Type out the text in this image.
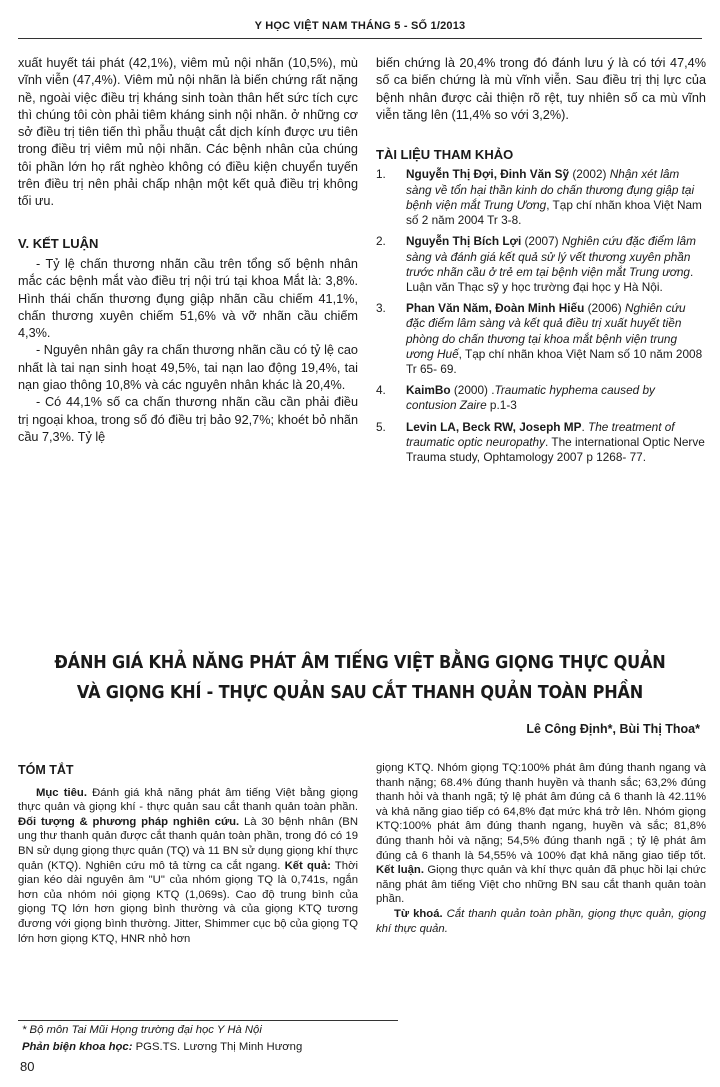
Y HỌC VIỆT NAM THÁNG 5 - SỐ 1/2013

xuất huyết tái phát (42,1%), viêm mủ nội nhãn (10,5%), mù vĩnh viễn (47,4%). Viêm mủ nội nhãn là biến chứng rất nặng nề, ngoài việc điều trị kháng sinh toàn thân hết sức tích cực thì chúng tôi còn phải tiêm kháng sinh nội nhãn. ở những cơ sở điều trị tiên tiến thì phẫu thuật cắt dịch kính được ưu tiên trong điều trị viêm mủ nội nhãn. Các bệnh nhân của chúng tôi phần lớn họ rất nghèo không có điều kiện chuyển tuyến trên điều trị nên phải chấp nhận một kết quả điều trị không tối ưu.

V. KẾT LUẬN

- Tỷ lệ chấn thương nhãn cầu trên tổng số bệnh nhân mắc các bệnh mắt vào điều trị nội trú tại khoa Mắt là: 3,8%. Hình thái chấn thương đụng giập nhãn cầu chiếm 41,1%, chấn thương xuyên chiếm 51,6% và vỡ nhãn cầu chiếm 4,3%.

- Nguyên nhân gây ra chấn thương nhãn cầu có tỷ lệ cao nhất là tai nạn sinh hoạt 49,5%, tai nạn lao động 19,4%, tai nạn giao thông 10,8% và các nguyên nhân khác là 20,4%.

- Có 44,1% số ca chấn thương nhãn cầu cần phải điều trị ngoại khoa, trong số đó điều trị bảo 92,7%; khoét bỏ nhãn cầu 7,3%. Tỷ lệ

biến chứng là 20,4% trong đó đánh lưu ý là có tới 47,4% số ca biến chứng là mù vĩnh viễn. Sau điều trị thị lực của bệnh nhân được cải thiện rõ rệt, tuy nhiên số ca mù vĩnh viễn tăng lên (11,4% so với 3,2%).

TÀI LIỆU THAM KHẢO
1. Nguyễn Thị Đợi, Đinh Văn Sỹ (2002) Nhận xét lâm sàng về tổn hại thần kinh do chấn thương đụng giập tại bệnh viện mắt Trung Ương, Tạp chí nhãn khoa Việt Nam số 2 năm 2004 Tr 3-8.
2. Nguyễn Thị Bích Lợi (2007) Nghiên cứu đặc điểm lâm sàng và đánh giá kết quả sử lý vết thương xuyên phần trước nhãn cầu ở trẻ em tại bệnh viện mắt Trung ương. Luận văn Thạc sỹ y học trường đại học y Hà Nội.
3. Phan Văn Năm, Đoàn Minh Hiếu (2006) Nghiên cứu đặc điểm lâm sàng và kết quả điều trị xuất huyết tiền phòng do chấn thương tại khoa mắt bệnh viện trung ương Huế, Tạp chí nhãn khoa Việt Nam số 10 năm 2008 Tr 65- 69.
4. KaimBo (2000) .Traumatic hyphema caused by contusion Zaire p.1-3
5. Levin LA, Beck RW, Joseph MP. The treatment of traumatic optic neuropathy. The international Optic Nerve Trauma study, Ophtamology 2007 p 1268- 77.
ĐÁNH GIÁ KHẢ NĂNG PHÁT ÂM TIẾNG VIỆT BẰNG GIỌNG THỰC QUẢN
VÀ GIỌNG KHÍ - THỰC QUẢN SAU CẮT THANH QUẢN TOÀN PHẦN
Lê Công Định*, Bùi Thị Thoa*
TÓM TẮT

Mục tiêu. Đánh giá khả năng phát âm tiếng Việt bằng giọng thực quản và giọng khí - thực quản sau cắt thanh quản toàn phần. Đối tượng & phương pháp nghiên cứu. Là 30 bệnh nhân (BN ung thư thanh quản được cắt thanh quản toàn phần, trong đó có 19 BN sử dụng giọng thực quản (TQ) và 11 BN sử dụng giọng khí thực quản (KTQ). Nghiên cứu mô tả từng ca cắt ngang. Kết quả: Thời gian kéo dài nguyên âm "U" của nhóm giọng TQ là 0,741s, ngắn hơn của nhóm nói giọng KTQ (1,069s). Cao độ trung bình của giọng TQ lớn hơn giọng bình thường và của giọng KTQ tương đương với giọng bình thường. Jitter, Shimmer cục bộ của giọng TQ lớn hơn giọng KTQ, HNR nhỏ hơn

giọng KTQ. Nhóm giọng TQ:100% phát âm đúng thanh ngang và thanh nặng; 68.4% đúng thanh huyền và thanh sắc; 63,2% đúng thanh hỏi và thanh ngã; tỷ lệ phát âm đúng cả 6 thanh là 42.11% và khả năng giao tiếp có 64,8% đạt mức khá trở lên. Nhóm giọng KTQ:100% phát âm đúng thanh ngang, huyền và sắc; 81,8% đúng thanh hỏi và nặng; 54,5% đúng thanh ngã ; tỷ lệ phát âm đúng cả 6 thanh là 54,55% và 100% đạt khả năng giao tiếp tốt. Kết luận. Giọng thực quản và khí thực quản đã phục hồi lại chức năng phát âm tiếng Việt cho những BN sau cắt thanh quản toàn phần.

Từ khoá. Cắt thanh quản toàn phần, giọng thực quản, giọng khí thực quản.

* Bộ môn Tai Mũi Họng trường đại học Y Hà Nội
Phản biện khoa học: PGS.TS. Lương Thị Minh Hương
80
